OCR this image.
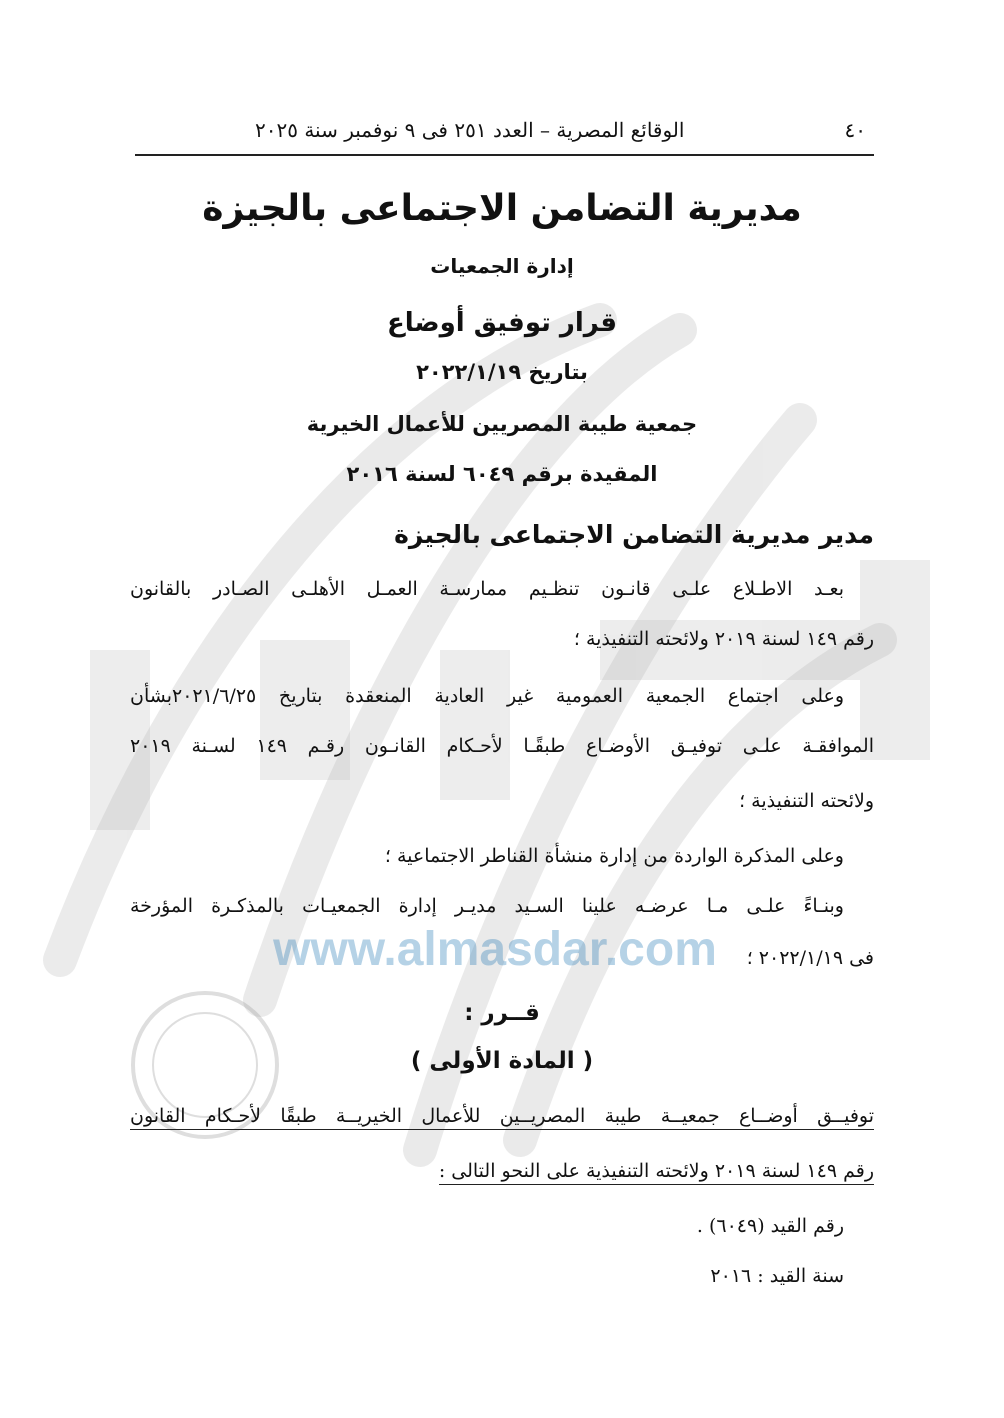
www.almasdar.com
٤٠
الوقائع المصرية – العدد ٢٥١ فى ٩ نوفمبر سنة ٢٠٢٥
مديرية التضامن الاجتماعى بالجيزة
إدارة الجمعيات
قرار توفيق أوضاع
بتاريخ ٢٠٢٢/١/١٩
جمعية طيبة المصريين للأعمال الخيرية
المقيدة برقم ٦٠٤٩ لسنة ٢٠١٦
مدير مديرية التضامن الاجتماعى بالجيزة
بعـد الاطـلاع علـى قانـون تنظـيم ممارسـة العمـل الأهلـى الصـادر بالقانون
رقم ١٤٩ لسنة ٢٠١٩ ولائحته التنفيذية ؛
وعلى اجتماع الجمعية العمومية غير العادية المنعقدة بتاريخ ٢٠٢١/٦/٢٥بشأن
الموافقـة علـى توفيـق الأوضـاع طبقًـا لأحـكام القانـون رقـم ١٤٩ لسـنة ٢٠١٩
ولائحته التنفيذية ؛
وعلى المذكرة الواردة من إدارة منشأة القناطر الاجتماعية ؛
وبنـاءً علـى مـا عرضـه علينا السـيد مديـر إدارة الجمعيـات بالمذكـرة المؤرخة
فى ٢٠٢٢/١/١٩ ؛
قــرر :
( المادة الأولى )
توفيــق أوضــاع جمعيــة طيبة المصريــين للأعمال الخيريــة طبقًا لأحـكام القانون
رقم ١٤٩ لسنة ٢٠١٩ ولائحته التنفيذية على النحو التالى :
رقم القيد (٦٠٤٩) .
سنة القيد : ٢٠١٦
